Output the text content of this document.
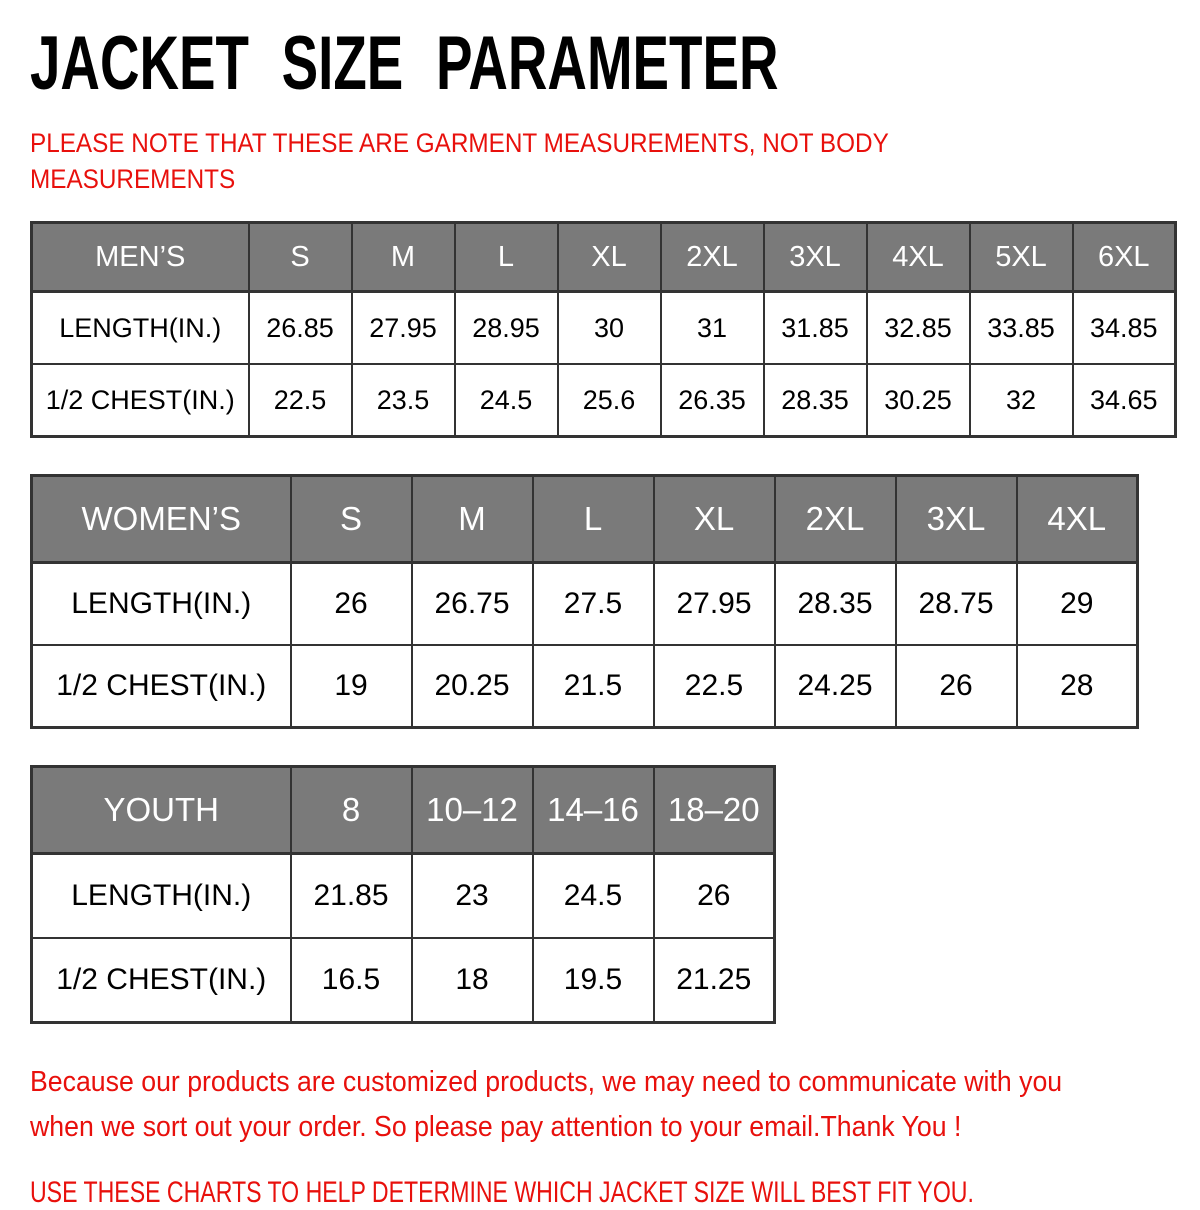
JACKET SIZE PARAMETER
PLEASE NOTE THAT THESE ARE GARMENT MEASUREMENTS, NOT BODY
MEASUREMENTS
MEN’S	S	M	L	XL	2XL	3XL	4XL	5XL	6XL
LENGTH(IN.)	26.85	27.95	28.95	30	31	31.85	32.85	33.85	34.85
1/2 CHEST(IN.)	22.5	23.5	24.5	25.6	26.35	28.35	30.25	32	34.65
WOMEN’S	S	M	L	XL	2XL	3XL	4XL
LENGTH(IN.)	26	26.75	27.5	27.95	28.35	28.75	29
1/2 CHEST(IN.)	19	20.25	21.5	22.5	24.25	26	28
YOUTH	8	10–12	14–16	18–20
LENGTH(IN.)	21.85	23	24.5	26
1/2 CHEST(IN.)	16.5	18	19.5	21.25
Because our products are customized products, we may need to communicate with you
when we sort out your order. So please pay attention to your email.Thank You !
USE THESE CHARTS TO HELP DETERMINE WHICH JACKET SIZE WILL BEST FIT YOU.
